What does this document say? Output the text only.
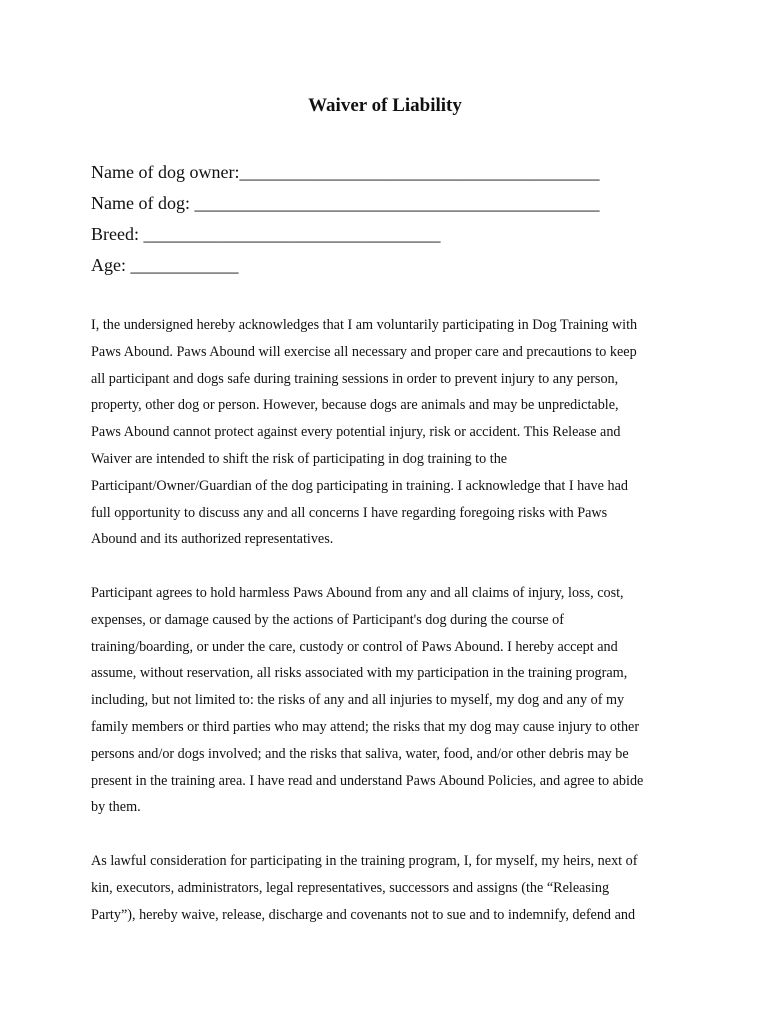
Waiver of Liability
Name of dog owner:________________________________________
Name of dog: _____________________________________________
Breed: _________________________________
Age: ____________

I, the undersigned hereby acknowledges that I am voluntarily participating in Dog Training with
Paws Abound. Paws Abound will exercise all necessary and proper care and precautions to keep
all participant and dogs safe during training sessions in order to prevent injury to any person,
property, other dog or person. However, because dogs are animals and may be unpredictable,
Paws Abound cannot protect against every potential injury, risk or accident. This Release and
Waiver are intended to shift the risk of participating in dog training to the
Participant/Owner/Guardian of the dog participating in training. I acknowledge that I have had
full opportunity to discuss any and all concerns I have regarding foregoing risks with Paws
Abound and its authorized representatives.

Participant agrees to hold harmless Paws Abound from any and all claims of injury, loss, cost,
expenses, or damage caused by the actions of Participant's dog during the course of
training/boarding, or under the care, custody or control of Paws Abound. I hereby accept and
assume, without reservation, all risks associated with my participation in the training program,
including, but not limited to: the risks of any and all injuries to myself, my dog and any of my
family members or third parties who may attend; the risks that my dog may cause injury to other
persons and/or dogs involved; and the risks that saliva, water, food, and/or other debris may be
present in the training area. I have read and understand Paws Abound Policies, and agree to abide
by them.

As lawful consideration for participating in the training program, I, for myself, my heirs, next of
kin, executors, administrators, legal representatives, successors and assigns (the “Releasing
Party”), hereby waive, release, discharge and covenants not to sue and to indemnify, defend and
